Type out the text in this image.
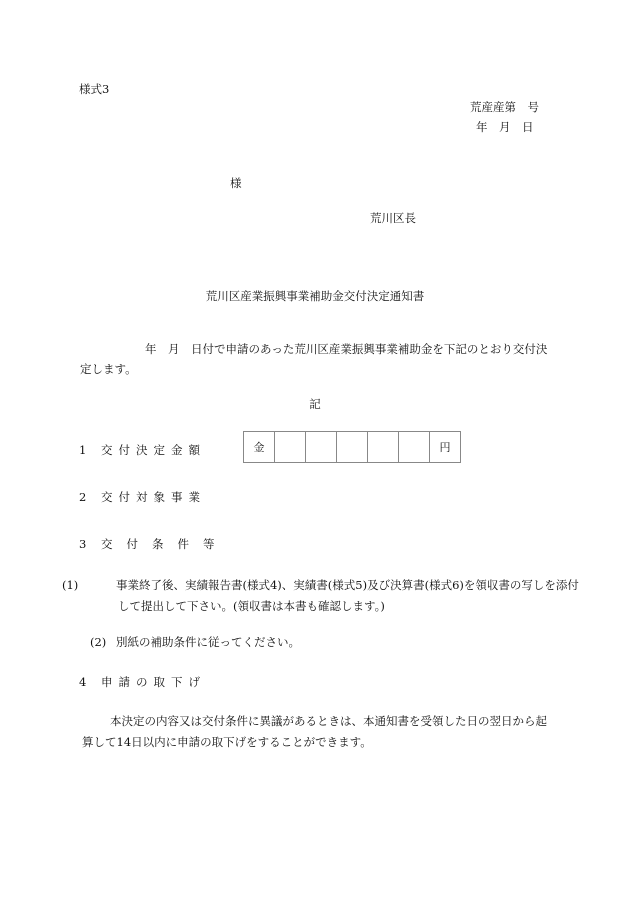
様式3
荒産産第　号
年　月　日
様
荒川区長
荒川区産業振興事業補助金交付決定通知書
年　月　日付で申請のあった荒川区産業振興事業補助金を下記のとおり交付決定します。
記
1 交付決定金額	金						円
2 交付対象事業
3 交付条件等
(1)	事業終了後、実績報告書(様式4)、実績書(様式5)及び決算書(様式6)を領収書の写しを添付して提出して下さい。(領収書は本書も確認します。)
(2) 別紙の補助条件に従ってください。
4 申請の取下げ
本決定の内容又は交付条件に異議があるときは、本通知書を受領した日の翌日から起算して14日以内に申請の取下げをすることができます。
